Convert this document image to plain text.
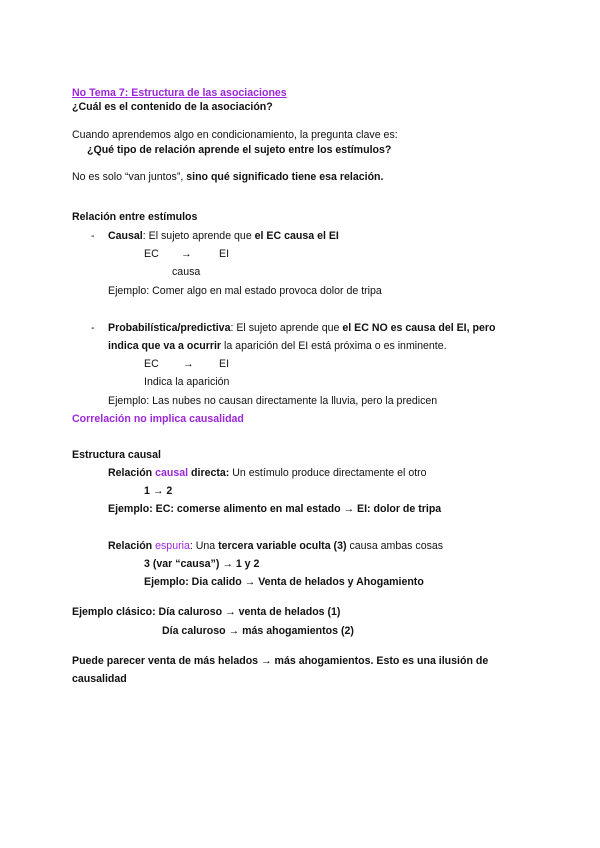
No Tema 7: Estructura de las asociaciones
¿Cuál es el contenido de la asociación?
Cuando aprendemos algo en condicionamiento, la pregunta clave es:
¿Qué tipo de relación aprende el sujeto entre los estímulos?
No es solo “van juntos”, sino qué significado tiene esa relación.
Relación entre estímulos
- Causal: El sujeto aprende que el EC causa el EI
EC →	EI
causa
Ejemplo: Comer algo en mal estado provoca dolor de tripa
- Probabilística/predictiva: El sujeto aprende que el EC NO es causa del EI, pero
indica que va a ocurrir la aparición del EI está próxima o es inminente.
EC → EI
Indica la aparición
Ejemplo: Las nubes no causan directamente la lluvia, pero la predicen
Correlación no implica causalidad
Estructura causal
Relación causal directa: Un estímulo produce directamente el otro
1 → 2
Ejemplo: EC: comerse alimento en mal estado → EI: dolor de tripa
Relación espuria: Una tercera variable oculta (3) causa ambas cosas
3 (var “causa”) → 1 y 2
Ejemplo: Dia calido → Venta de helados y Ahogamiento
Ejemplo clásico: Día caluroso → venta de helados (1)
Día caluroso → más ahogamientos (2)
Puede parecer venta de más helados → más ahogamientos. Esto es una ilusión de
causalidad
